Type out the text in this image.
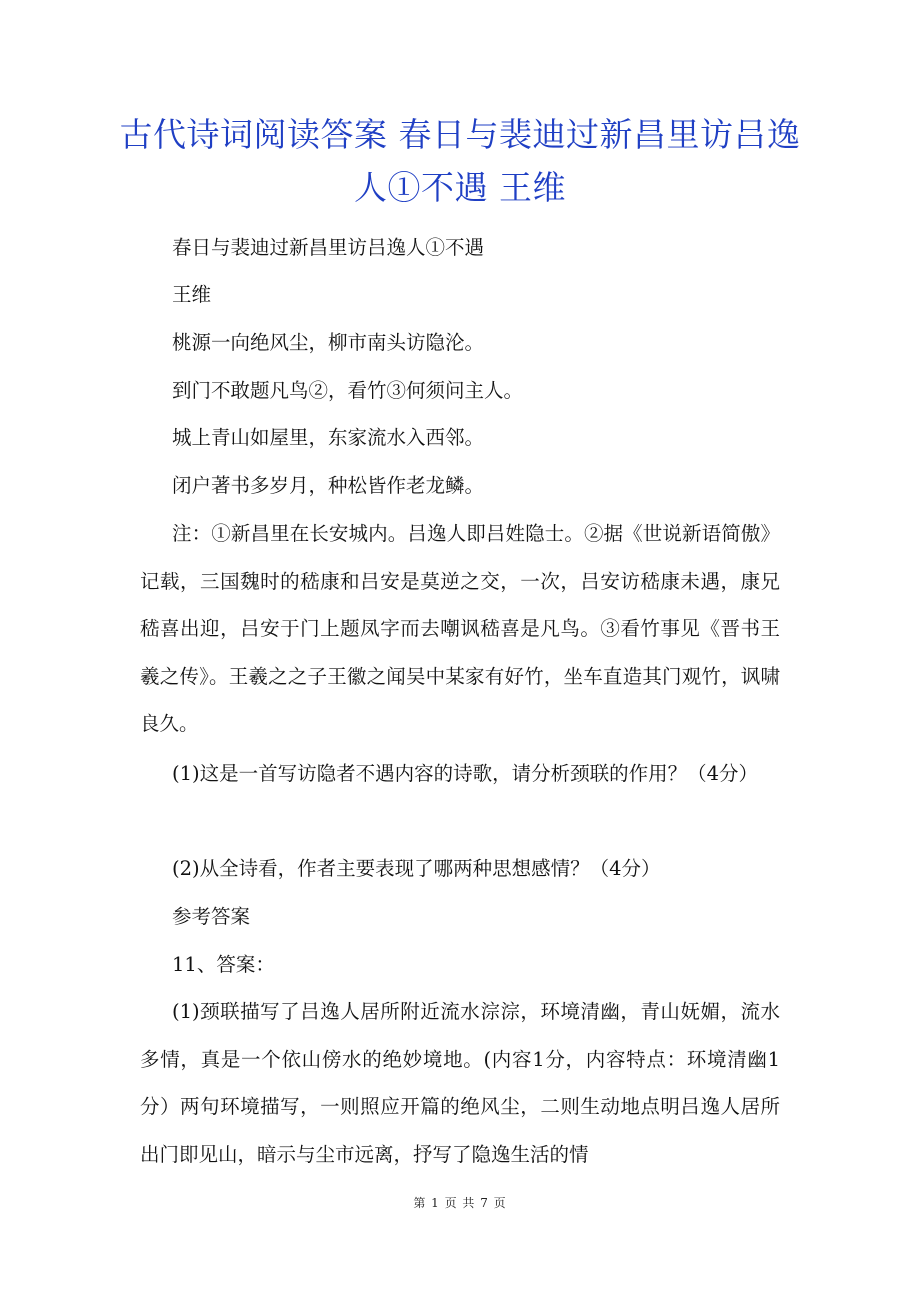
古代诗词阅读答案 春日与裴迪过新昌里访吕逸人①不遇 王维
春日与裴迪过新昌里访吕逸人①不遇
王维
桃源一向绝风尘，柳市南头访隐沦。
到门不敢题凡鸟②，看竹③何须问主人。
城上青山如屋里，东家流水入西邻。
闭户著书多岁月，种松皆作老龙鳞。
注：①新昌里在长安城内。吕逸人即吕姓隐士。②据《世说新语简傲》记载，三国魏时的嵇康和吕安是莫逆之交，一次，吕安访嵇康未遇，康兄嵇喜出迎，吕安于门上题凤字而去嘲讽嵇喜是凡鸟。③看竹事见《晋书王羲之传》。王羲之之子王徽之闻吴中某家有好竹，坐车直造其门观竹，讽啸良久。
(1)这是一首写访隐者不遇内容的诗歌，请分析颈联的作用？（4分）
(2)从全诗看，作者主要表现了哪两种思想感情？（4分）
参考答案
11、答案：
(1)颈联描写了吕逸人居所附近流水淙淙，环境清幽，青山妩媚，流水多情，真是一个依山傍水的绝妙境地。(内容1分，内容特点：环境清幽1分）两句环境描写，一则照应开篇的绝风尘，二则生动地点明吕逸人居所出门即见山，暗示与尘市远离，抒写了隐逸生活的情
第 1 页 共 7 页
